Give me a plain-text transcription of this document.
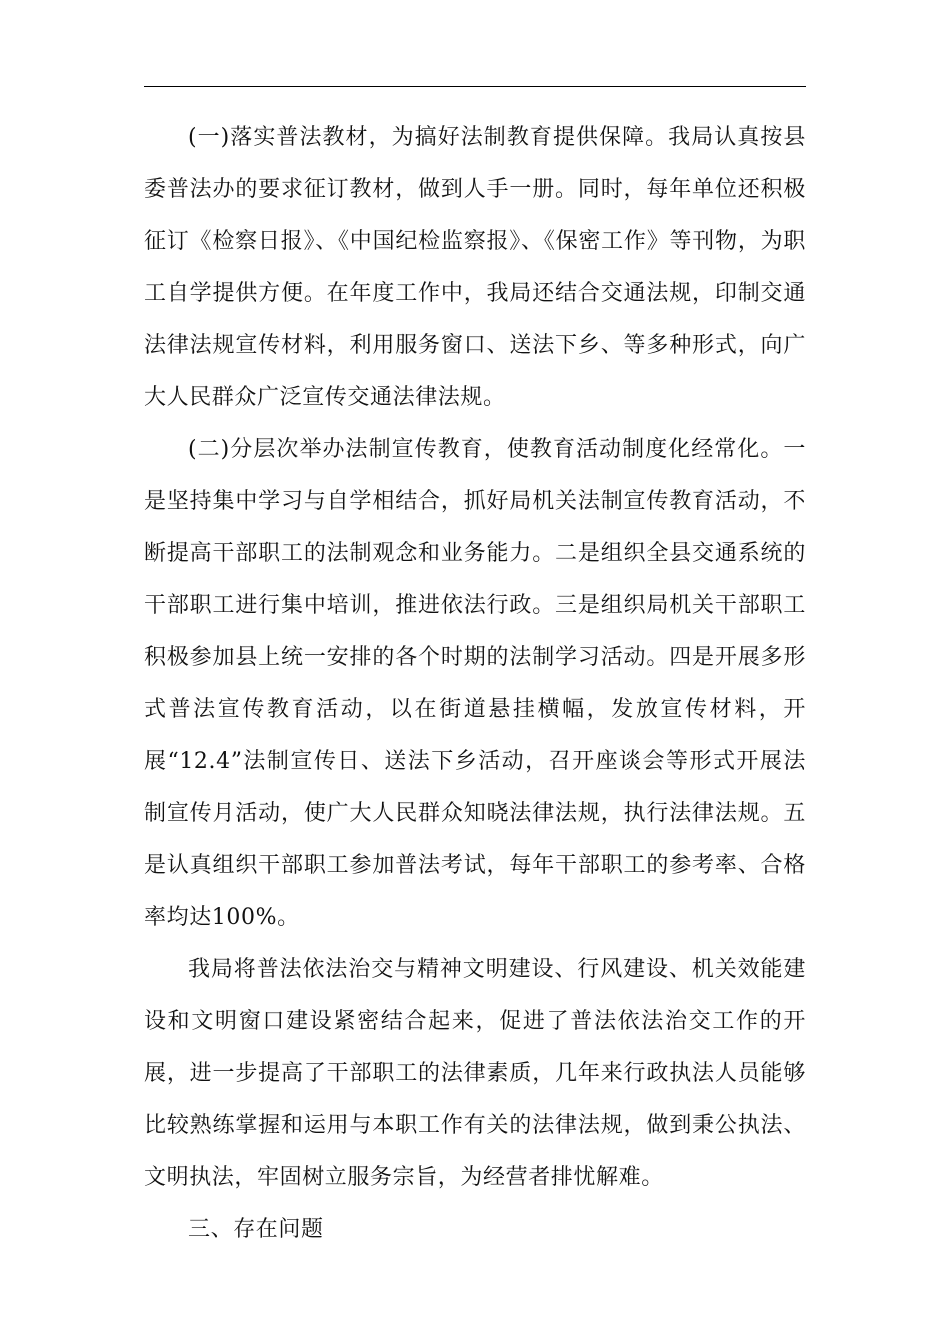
(一)落实普法教材，为搞好法制教育提供保障。我局认真按县委普法办的要求征订教材，做到人手一册。同时，每年单位还积极征订《检察日报》、《中国纪检监察报》、《保密工作》等刊物，为职工自学提供方便。在年度工作中，我局还结合交通法规，印制交通法律法规宣传材料，利用服务窗口、送法下乡、等多种形式，向广大人民群众广泛宣传交通法律法规。

(二)分层次举办法制宣传教育，使教育活动制度化经常化。一是坚持集中学习与自学相结合，抓好局机关法制宣传教育活动，不断提高干部职工的法制观念和业务能力。二是组织全县交通系统的干部职工进行集中培训，推进依法行政。三是组织局机关干部职工积极参加县上统一安排的各个时期的法制学习活动。四是开展多形式普法宣传教育活动，以在街道悬挂横幅，发放宣传材料，开展“12.4”法制宣传日、送法下乡活动，召开座谈会等形式开展法制宣传月活动，使广大人民群众知晓法律法规，执行法律法规。五是认真组织干部职工参加普法考试，每年干部职工的参考率、合格率均达100%。

我局将普法依法治交与精神文明建设、行风建设、机关效能建设和文明窗口建设紧密结合起来，促进了普法依法治交工作的开展，进一步提高了干部职工的法律素质，几年来行政执法人员能够比较熟练掌握和运用与本职工作有关的法律法规，做到秉公执法、文明执法，牢固树立服务宗旨，为经营者排忧解难。

三、存在问题
